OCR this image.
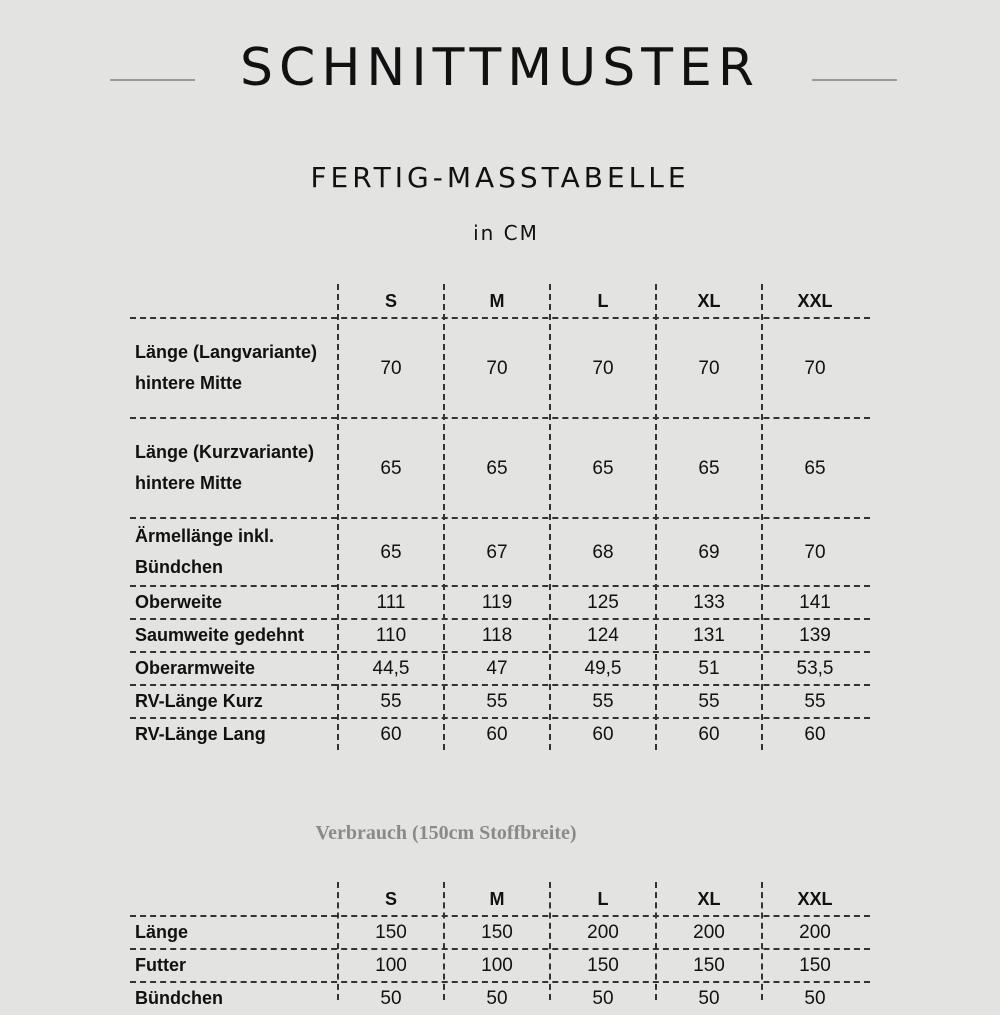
SCHNITTMUSTER
FERTIG-MASSTABELLE
in CM
S	M	L	XL	XXL
Länge (Langvariante)
hintere Mitte
70	70	70	70	70
Länge (Kurzvariante)
hintere Mitte
65	65	65	65	65
Ärmellänge inkl.
Bündchen
65	67	68	69	70
Oberweite	111	119	125	133	141
Saumweite gedehnt	110	118	124	131	139
Oberarmweite	44,5	47	49,5	51	53,5
RV-Länge Kurz	55	55	55	55	55
RV-Länge Lang	60	60	60	60	60
Verbrauch (150cm Stoffbreite)
S	M	L	XL	XXL
Länge	150	150	200	200	200
Futter	100	100	150	150	150
Bündchen	50	50	50	50	50
